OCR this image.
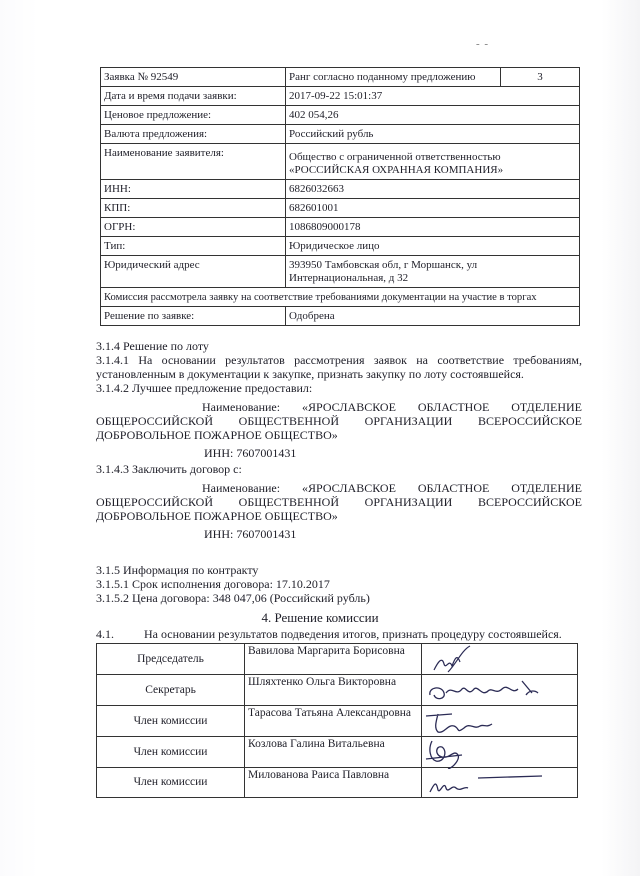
- -
Заявка № 92549	Ранг согласно поданному предложению	3
Дата и время подачи заявки:	2017-09-22 15:01:37	
Ценовое предложение:	402 054,26	
Валюта предложения:	Российский рубль	
Наименование заявителя:	Общество с ограниченной ответственностью «РОССИЙСКАЯ ОХРАННАЯ КОМПАНИЯ»	
ИНН:	6826032663	
КПП:	682601001	
ОГРН:	1086809000178	
Тип:	Юридическое лицо	
Юридический адрес	393950 Тамбовская обл, г Моршанск, ул Интернациональная, д 32	
Комиссия рассмотрела заявку на соответствие требованиями документации на участие в торгах		
Решение по заявке:	Одобрена	
3.1.4 Решение по лоту
3.1.4.1 На основании результатов рассмотрения заявок на соответствие требованиям,
установленным в документации к закупке, признать закупку по лоту состоявшейся.
3.1.4.2 Лучшее предложение предоставил:
Наименование: «ЯРОСЛАВСКОЕ ОБЛАСТНОЕ ОТДЕЛЕНИЕ
ОБЩЕРОССИЙСКОЙ ОБЩЕСТВЕННОЙ ОРГАНИЗАЦИИ ВСЕРОССИЙСКОЕ
ДОБРОВОЛЬНОЕ ПОЖАРНОЕ ОБЩЕСТВО»
ИНН: 7607001431
3.1.4.3 Заключить договор с:
Наименование: «ЯРОСЛАВСКОЕ ОБЛАСТНОЕ ОТДЕЛЕНИЕ
ОБЩЕРОССИЙСКОЙ ОБЩЕСТВЕННОЙ ОРГАНИЗАЦИИ ВСЕРОССИЙСКОЕ
ДОБРОВОЛЬНОЕ ПОЖАРНОЕ ОБЩЕСТВО»
ИНН: 7607001431
3.1.5 Информация по контракту
3.1.5.1 Срок исполнения договора: 17.10.2017
3.1.5.2 Цена договора: 348 047,06 (Российский рубль)
4. Решение комиссии
4.1.	На основании результатов подведения итогов, признать процедуру состоявшейся.
Председатель	Вавилова Маргарита Борисовна	

Секретарь	Шляхтенко Ольга Викторовна	

Член комиссии	Тарасова Татьяна Александровна	

Член комиссии	Козлова Галина Витальевна	

Член комиссии	Милованова Раиса Павловна	
